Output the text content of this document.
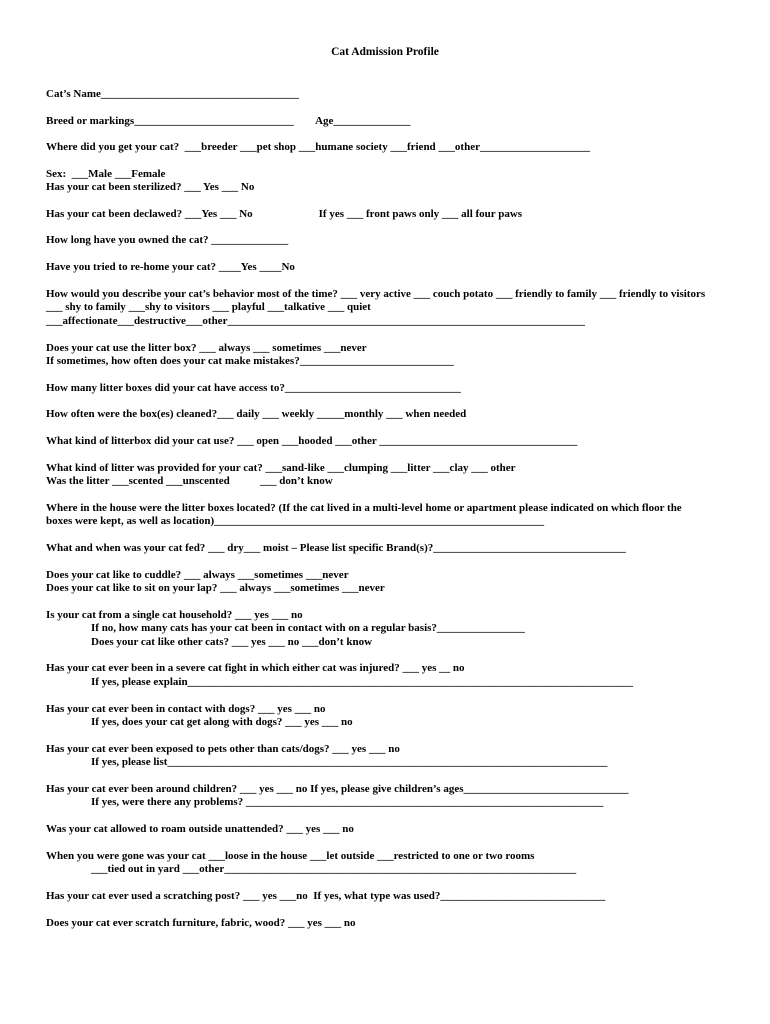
Cat Admission Profile
Cat’s Name____________________________________
Breed or markings_____________________________        Age______________
Where did you get your cat?  ___breeder ___pet shop ___humane society ___friend ___other____________________
Sex:  ___Male ___Female
Has your cat been sterilized? ___ Yes ___ No
Has your cat been declawed? ___Yes ___ No                        If yes ___ front paws only ___ all four paws
How long have you owned the cat? ______________
Have you tried to re-home your cat? ____Yes ____No
How would you describe your cat’s behavior most of the time? ___ very active ___ couch potato ___ friendly to family ___ friendly to visitors
___ shy to family ___shy to visitors ___ playful ___talkative ___ quiet
___affectionate___destructive___other_________________________________________________________________
Does your cat use the litter box? ___ always ___ sometimes ___never
If sometimes, how often does your cat make mistakes?____________________________
How many litter boxes did your cat have access to?________________________________
How often were the box(es) cleaned?___ daily ___ weekly _____monthly ___ when needed
What kind of litterbox did your cat use? ___ open ___hooded ___other ____________________________________
What kind of litter was provided for your cat? ___sand-like ___clumping ___litter ___clay ___ other
Was the litter ___scented ___unscented           ___ don’t know
Where in the house were the litter boxes located? (If the cat lived in a multi-level home or apartment please indicated on which floor the
boxes were kept, as well as location)____________________________________________________________
What and when was your cat fed? ___ dry___ moist – Please list specific Brand(s)?___________________________________
Does your cat like to cuddle? ___ always ___sometimes ___never
Does your cat like to sit on your lap? ___ always ___sometimes ___never
Is your cat from a single cat household? ___ yes ___ no
If no, how many cats has your cat been in contact with on a regular basis?________________
Does your cat like other cats? ___ yes ___ no ___don’t know
Has your cat ever been in a severe cat fight in which either cat was injured? ___ yes __ no
If yes, please explain_________________________________________________________________________________
Has your cat ever been in contact with dogs? ___ yes ___ no
If yes, does your cat get along with dogs? ___ yes ___ no
Has your cat ever been exposed to pets other than cats/dogs? ___ yes ___ no
If yes, please list________________________________________________________________________________
Has your cat ever been around children? ___ yes ___ no If yes, please give children’s ages______________________________
If yes, were there any problems? _________________________________________________________________
Was your cat allowed to roam outside unattended? ___ yes ___ no
When you were gone was your cat ___loose in the house ___let outside ___restricted to one or two rooms
___tied out in yard ___other________________________________________________________________
Has your cat ever used a scratching post? ___ yes ___no  If yes, what type was used?______________________________
Does your cat ever scratch furniture, fabric, wood? ___ yes ___ no
